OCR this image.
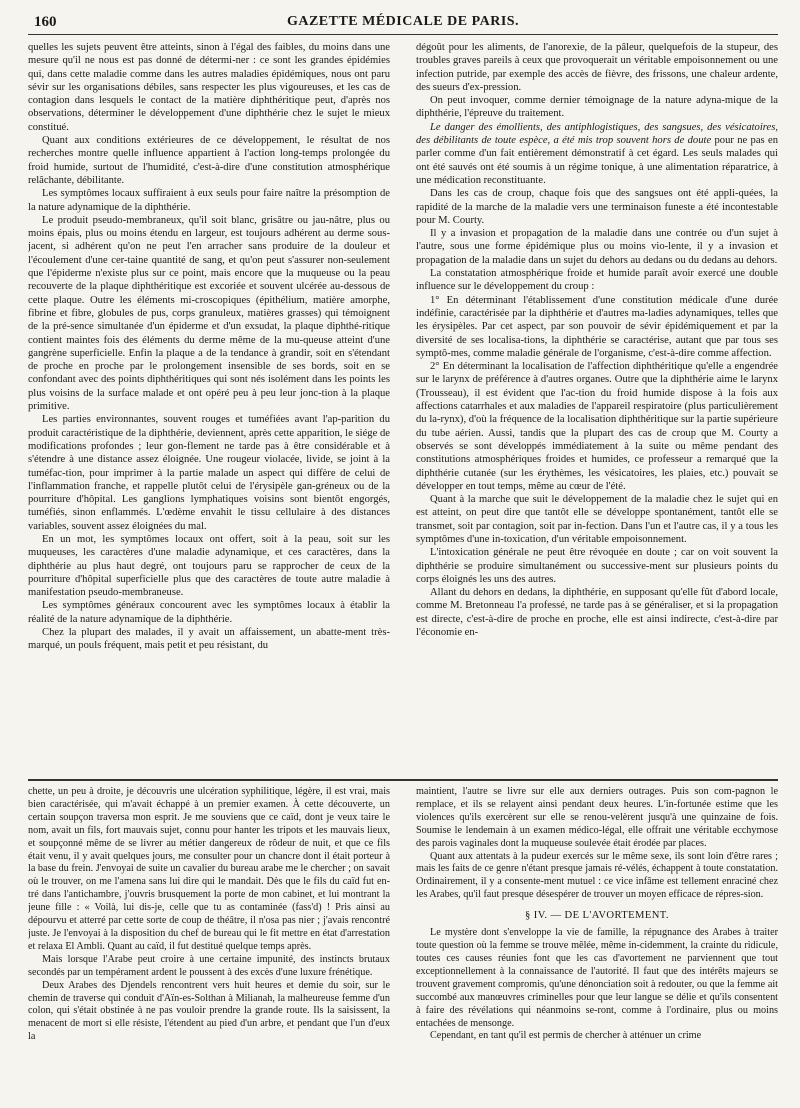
160	GAZETTE MÉDICALE DE PARIS.

quelles les sujets peuvent être atteints, sinon à l'égal des faibles, du moins dans une mesure qu'il ne nous est pas donné de détermi-ner : ce sont les grandes épidémies qui, dans cette maladie comme dans les autres maladies épidémiques, nous ont paru sévir sur les organisations débiles, sans respecter les plus vigoureuses, et les cas de contagion dans lesquels le contact de la matière diphthéritique peut, d'après nos observations, déterminer le développement d'une diphthérie chez le sujet le mieux constitué.

Quant aux conditions extérieures de ce développement, le résultat de nos recherches montre quelle influence appartient à l'action long-temps prolongée du froid humide, surtout de l'humidité, c'est-à-dire d'une constitution atmosphérique relâchante, débilitante.

Les symptômes locaux suffiraient à eux seuls pour faire naître la présomption de la nature adynamique de la diphthérie.

Le produit pseudo-membraneux, qu'il soit blanc, grisâtre ou jau-nâtre, plus ou moins épais, plus ou moins étendu en largeur, est toujours adhérent au derme sous-jacent, si adhérent qu'on ne peut l'en arracher sans produire de la douleur et l'écoulement d'une cer-taine quantité de sang, et qu'on peut s'assurer non-seulement que l'épiderme n'existe plus sur ce point, mais encore que la muqueuse ou la peau recouverte de la plaque diphthéritique est excoriée et souvent ulcérée au-dessous de cette plaque. Outre les éléments mi-croscopiques (épithélium, matière amorphe, fibrine et fibre, globules de pus, corps granuleux, matières grasses) qui témoignent de la pré-sence simultanée d'un épiderme et d'un exsudat, la plaque diphthé-ritique contient maintes fois des éléments du derme même de la mu-queuse atteint d'une gangrène superficielle. Enfin la plaque a de la tendance à grandir, soit en s'étendant de proche en proche par le prolongement insensible de ses bords, soit en se confondant avec des points diphthéritiques qui sont nés isolément dans les points les plus voisins de la surface malade et ont opéré peu à peu leur jonc-tion à la plaque primitive.

Les parties environnantes, souvent rouges et tuméfiées avant l'ap-parition du produit caractéristique de la diphthérie, deviennent, après cette apparition, le siége de modifications profondes ; leur gon-flement ne tarde pas à être considérable et à s'étendre à une distance assez éloignée. Une rougeur violacée, livide, se joint à la tuméfac-tion, pour imprimer à la partie malade un aspect qui diffère de celui de l'inflammation franche, et rappelle plutôt celui de l'érysipèle gan-gréneux ou de la pourriture d'hôpital. Les ganglions lymphatiques voisins sont bientôt engorgés, tuméfiés, sinon enflammés. L'œdème envahit le tissu cellulaire à des distances variables, souvent assez éloignées du mal.

En un mot, les symptômes locaux ont offert, soit à la peau, soit sur les muqueuses, les caractères d'une maladie adynamique, et ces caractères, dans la diphthérie au plus haut degré, ont toujours paru se rapprocher de ceux de la pourriture d'hôpital superficielle plus que des caractères de toute autre maladie à manifestation pseudo-membraneuse.

Les symptômes généraux concourent avec les symptômes locaux à établir la réalité de la nature adynamique de la diphthérie.

Chez la plupart des malades, il y avait un affaissement, un abatte-ment très-marqué, un pouls fréquent, mais petit et peu résistant, du

dégoût pour les aliments, de l'anorexie, de la pâleur, quelquefois de la stupeur, des troubles graves pareils à ceux que provoquerait un véritable empoisonnement ou une infection putride, par exemple des accès de fièvre, des frissons, une chaleur ardente, des sueurs d'ex-pression.

On peut invoquer, comme dernier témoignage de la nature adyna-mique de la diphthérie, l'épreuve du traitement.

Le danger des émollients, des antiphlogistiques, des sangsues, des vésicatoires, des débilitants de toute espèce, a été mis trop souvent hors de doute pour ne pas en parler comme d'un fait entièrement démonstratif à cet égard. Les seuls malades qui ont été sauvés ont été soumis à un régime tonique, à une alimentation réparatrice, à une médication reconstituante.

Dans les cas de croup, chaque fois que des sangsues ont été appli-quées, la rapidité de la marche de la maladie vers une terminaison funeste a été incontestable pour M. Courty.

Il y a invasion et propagation de la maladie dans une contrée ou d'un sujet à l'autre, sous une forme épidémique plus ou moins vio-lente, il y a invasion et propagation de la maladie dans un sujet du dehors au dedans ou du dedans au dehors.

La constatation atmosphérique froide et humide paraît avoir exercé une double influence sur le développement du croup :

1° En déterminant l'établissement d'une constitution médicale d'une durée indéfinie, caractérisée par la diphthérie et d'autres ma-ladies adynamiques, telles que les érysipèles. Par cet aspect, par son pouvoir de sévir épidémiquement et par la diversité de ses localisa-tions, la diphthérie se caractérise, autant que par tous ses symptô-mes, comme maladie générale de l'organisme, c'est-à-dire comme affection.

2° En déterminant la localisation de l'affection diphthéritique qu'elle a engendrée sur le larynx de préférence à d'autres organes. Outre que la diphthérie aime le larynx (Trousseau), il est évident que l'ac-tion du froid humide dispose à la fois aux affections catarrhales et aux maladies de l'appareil respiratoire (plus particulièrement du la-rynx), d'où la fréquence de la localisation diphthéritique sur la partie supérieure du tube aérien. Aussi, tandis que la plupart des cas de croup que M. Courty a observés se sont développés immédiatement à la suite ou même pendant des constitutions atmosphériques froides et humides, ce professeur a remarqué que la diphthérie cutanée (sur les érythèmes, les vésicatoires, les plaies, etc.) pouvait se développer en tout temps, même au cœur de l'été.

Quant à la marche que suit le développement de la maladie chez le sujet qui en est atteint, on peut dire que tantôt elle se développe spontanément, tantôt elle se transmet, soit par contagion, soit par in-fection. Dans l'un et l'autre cas, il y a tous les symptômes d'une in-toxication, d'un véritable empoisonnement.

L'intoxication générale ne peut être révoquée en doute ; car on voit souvent la diphthérie se produire simultanément ou successive-ment sur plusieurs points du corps éloignés les uns des autres.

Allant du dehors en dedans, la diphthérie, en supposant qu'elle fût d'abord locale, comme M. Bretonneau l'a professé, ne tarde pas à se généraliser, et si la propagation est directe, c'est-à-dire de proche en proche, elle est ainsi indirecte, c'est-à-dire par l'économie en-

chette, un peu à droite, je découvris une ulcération syphilitique, légère, il est vrai, mais bien caractérisée, qui m'avait échappé à un premier examen. À cette découverte, un certain soupçon traversa mon esprit. Je me souviens que ce caïd, dont je veux taire le nom, avait un fils, fort mauvais sujet, connu pour hanter les tripots et les mauvais lieux, et soupçonné même de se livrer au métier dangereux de rôdeur de nuit, et que ce fils était venu, il y avait quelques jours, me consulter pour un chancre dont il était porteur à la base du frein. J'envoyai de suite un cavalier du bureau arabe me le chercher ; on savait où le trouver, on me l'amena sans lui dire qui le mandait. Dès que le fils du caïd fut en-tré dans l'antichambre, j'ouvris brusquement la porte de mon cabinet, et lui montrant la jeune fille : « Voilà, lui dis-je, celle que tu as contaminée (fass'd) ! Pris ainsi au dépourvu et atterré par cette sorte de coup de théâtre, il n'osa pas nier ; j'avais rencontré juste. Je l'envoyai à la disposition du chef de bureau qui le fit mettre en état d'arrestation et relaxa El Ambli. Quant au caïd, il fut destitué quelque temps après.

Mais lorsque l'Arabe peut croire à une certaine impunité, des instincts brutaux secondés par un tempérament ardent le poussent à des excès d'une luxure frénétique.

Deux Arabes des Djendels rencontrent vers huit heures et demie du soir, sur le chemin de traverse qui conduit d'Aïn-es-Solthan à Milianah, la malheureuse femme d'un colon, qui s'était obstinée à ne pas vouloir prendre la grande route. Ils la saisissent, la menacent de mort si elle résiste, l'étendent au pied d'un arbre, et pendant que l'un d'eux la

maintient, l'autre se livre sur elle aux derniers outrages. Puis son com-pagnon le remplace, et ils se relayent ainsi pendant deux heures. L'in-fortunée estime que les violences qu'ils exercèrent sur elle se renou-velèrent jusqu'à une quinzaine de fois. Soumise le lendemain à un examen médico-légal, elle offrait une véritable ecchymose des parois vaginales dont la muqueuse soulevée était érodée par places.

Quant aux attentats à la pudeur exercés sur le même sexe, ils sont loin d'être rares ; mais les faits de ce genre n'étant presque jamais ré-vélés, échappent à toute constatation. Ordinairement, il y a consente-ment mutuel : ce vice infâme est tellement enraciné chez les Arabes, qu'il faut presque désespérer de trouver un moyen efficace de répres-sion.

§ IV. — DE L'AVORTEMENT.

Le mystère dont s'enveloppe la vie de famille, la répugnance des Arabes à traiter toute question où la femme se trouve mêlée, même in-cidemment, la crainte du ridicule, toutes ces causes réunies font que les cas d'avortement ne parviennent que tout exceptionnellement à la connaissance de l'autorité. Il faut que des intérêts majeurs se trouvent gravement compromis, qu'une dénonciation soit à redouter, ou que la femme ait succombé aux manœuvres criminelles pour que leur langue se délie et qu'ils consentent à faire des révélations qui néanmoins se-ront, comme à l'ordinaire, plus ou moins entachées de mensonge.

Cependant, en tant qu'il est permis de chercher à atténuer un crime
